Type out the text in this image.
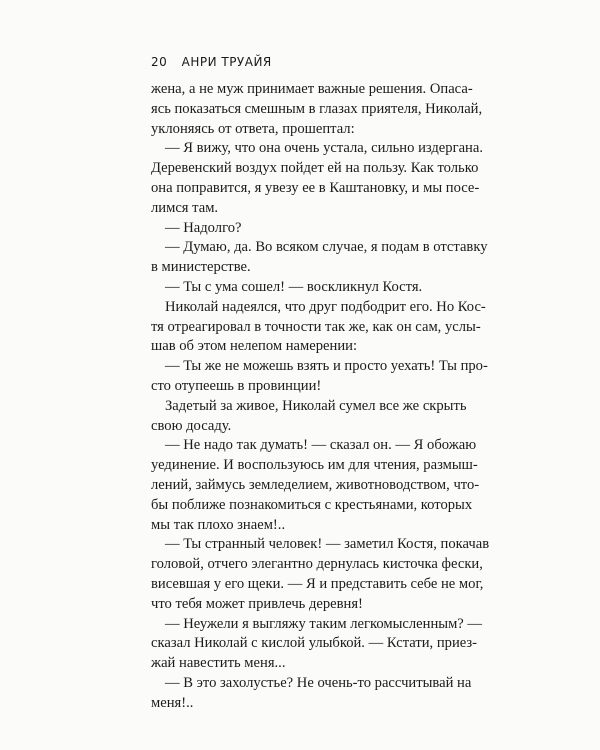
20 АНРИ ТРУАЙЯ
жена, а не муж принимает важные решения. Опаса-
ясь показаться смешным в глазах приятеля, Николай,
уклоняясь от ответа, прошептал:
— Я вижу, что она очень устала, сильно издергана.
Деревенский воздух пойдет ей на пользу. Как только
она поправится, я увезу ее в Каштановку, и мы посе-
лимся там.
— Надолго?
— Думаю, да. Во всяком случае, я подам в отставку
в министерстве.
— Ты с ума сошел! — воскликнул Костя.
Николай надеялся, что друг подбодрит его. Но Кос-
тя отреагировал в точности так же, как он сам, услы-
шав об этом нелепом намерении:
— Ты же не можешь взять и просто уехать! Ты про-
сто отупеешь в провинции!
Задетый за живое, Николай сумел все же скрыть
свою досаду.
— Не надо так думать! — сказал он. — Я обожаю
уединение. И воспользуюсь им для чтения, размыш-
лений, займусь земледелием, животноводством, что-
бы поближе познакомиться с крестьянами, которых
мы так плохо знаем!..
— Ты странный человек! — заметил Костя, покачав
головой, отчего элегантно дернулась кисточка фески,
висевшая у его щеки. — Я и представить себе не мог,
что тебя может привлечь деревня!
— Неужели я выгляжу таким легкомысленным? —
сказал Николай с кислой улыбкой. — Кстати, приез-
жай навестить меня...
— В это захолустье? Не очень-то рассчитывай на
меня!..
